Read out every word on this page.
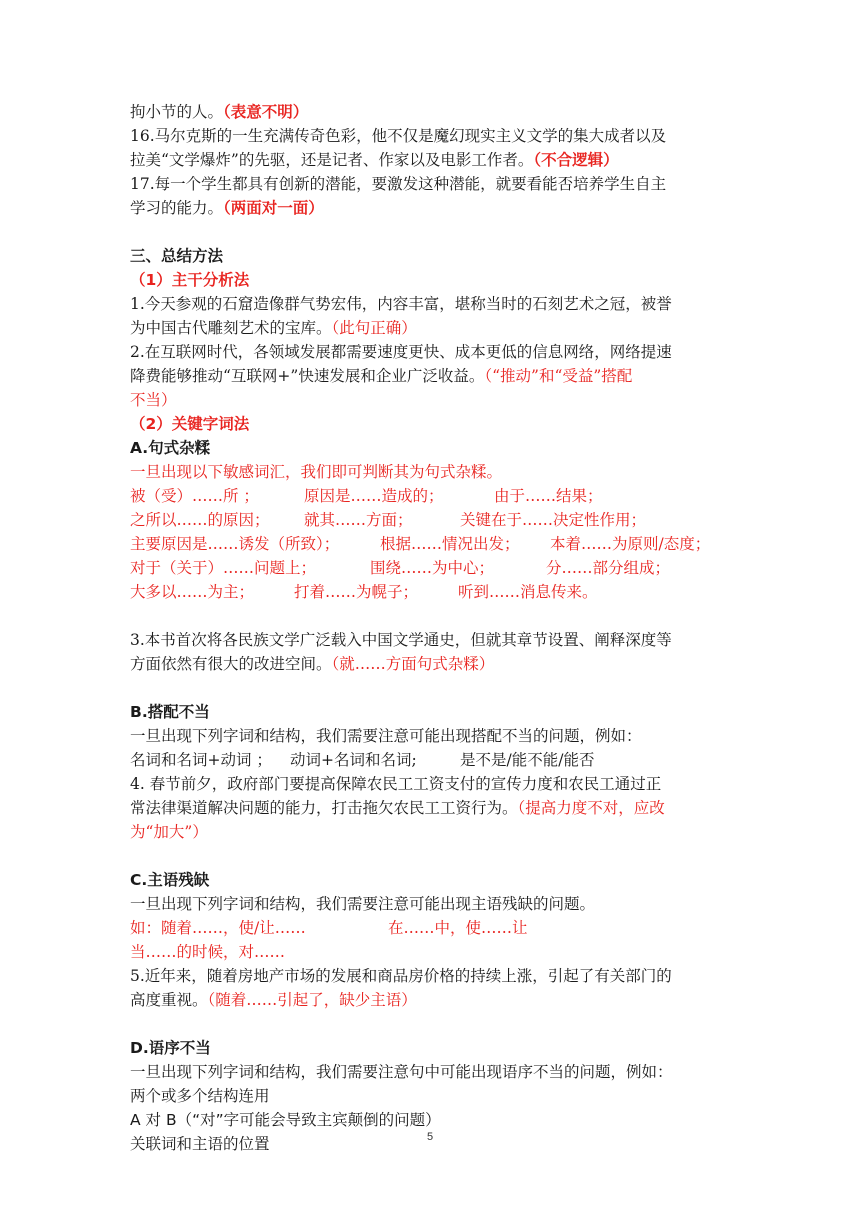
拘小节的人。（表意不明）
16.马尔克斯的一生充满传奇色彩，他不仅是魔幻现实主义文学的集大成者以及
拉美“文学爆炸”的先驱，还是记者、作家以及电影工作者。（不合逻辑）
17.每一个学生都具有创新的潜能，要激发这种潜能，就要看能否培养学生自主
学习的能力。（两面对一面）
三、总结方法
（1）主干分析法
1.今天参观的石窟造像群气势宏伟，内容丰富，堪称当时的石刻艺术之冠，被誉
为中国古代雕刻艺术的宝库。（此句正确）
2.在互联网时代，各领域发展都需要速度更快、成本更低的信息网络，网络提速
降费能够推动“互联网+”快速发展和企业广泛收益。（“推动”和“受益”搭配
不当）
（2）关键字词法
A.句式杂糅
一旦出现以下敏感词汇，我们即可判断其为句式杂糅。
被（受）……所 ；	原因是……造成的；	由于……结果；
之所以……的原因； 就其……方面；	关键在于……决定性作用；
主要原因是……诱发（所致）；	根据……情况出发； 本着……为原则/态度；
对于（关于）……问题上；	围绕……为中心；	分……部分组成；
大多以……为主；	打着……为幌子；	听到……消息传来。
3.本书首次将各民族文学广泛载入中国文学通史，但就其章节设置、阐释深度等
方面依然有很大的改进空间。（就……方面句式杂糅）
B.搭配不当
一旦出现下列字词和结构，我们需要注意可能出现搭配不当的问题，例如：
名词和名词+动词 ； 动词+名词和名词;	是不是/能不能/能否
4. 春节前夕，政府部门要提高保障农民工工资支付的宣传力度和农民工通过正
常法律渠道解决问题的能力，打击拖欠农民工工资行为。（提高力度不对，应改
为“加大”）
C.主语残缺
一旦出现下列字词和结构，我们需要注意可能出现主语残缺的问题。
如：随着……，使/让……	在……中，使……让
当……的时候，对……
5.近年来，随着房地产市场的发展和商品房价格的持续上涨，引起了有关部门的
高度重视。（随着……引起了，缺少主语）
D.语序不当
一旦出现下列字词和结构，我们需要注意句中可能出现语序不当的问题，例如：
两个或多个结构连用
A 对 B（“对”字可能会导致主宾颠倒的问题）
关联词和主语的位置	5
